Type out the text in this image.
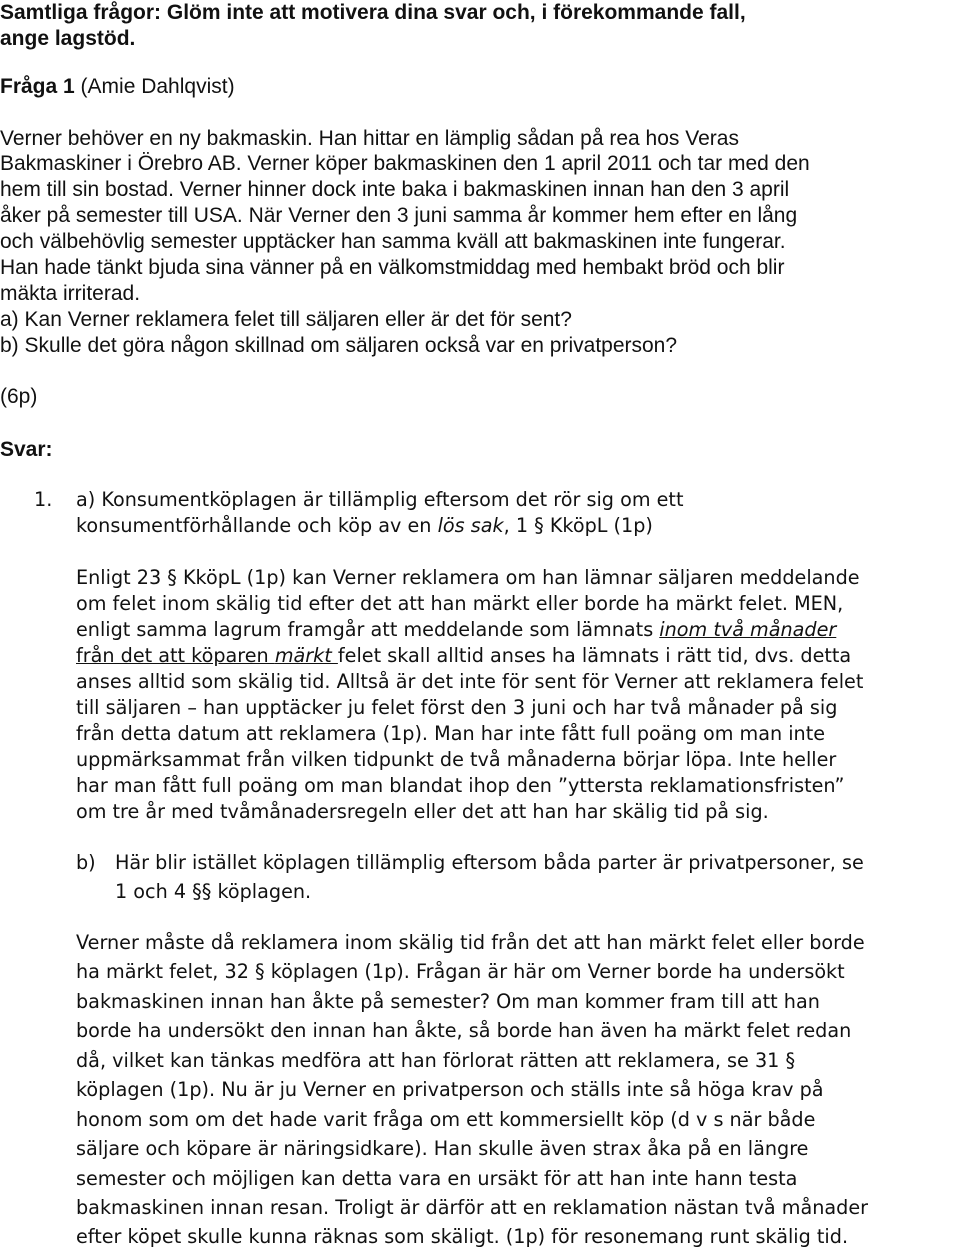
Samtliga frågor: Glöm inte att motivera dina svar och, i förekommande fall,
ange lagstöd.
Fråga 1 (Amie Dahlqvist)
Verner behöver en ny bakmaskin. Han hittar en lämplig sådan på rea hos Veras
Bakmaskiner i Örebro AB. Verner köper bakmaskinen den 1 april 2011 och tar med den
hem till sin bostad. Verner hinner dock inte baka i bakmaskinen innan han den 3 april
åker på semester till USA. När Verner den 3 juni samma år kommer hem efter en lång
och välbehövlig semester upptäcker han samma kväll att bakmaskinen inte fungerar.
Han hade tänkt bjuda sina vänner på en välkomstmiddag med hembakt bröd och blir
mäkta irriterad.
a) Kan Verner reklamera felet till säljaren eller är det för sent?
b) Skulle det göra någon skillnad om säljaren också var en privatperson?
(6p)
Svar:
1. a) Konsumentköplagen är tillämplig eftersom det rör sig om ett
konsumentförhållande och köp av en lös sak, 1 § KköpL (1p)
Enligt 23 § KköpL (1p) kan Verner reklamera om han lämnar säljaren meddelande
om felet inom skälig tid efter det att han märkt eller borde ha märkt felet. MEN,
enligt samma lagrum framgår att meddelande som lämnats inom två månader
från det att köparen märkt felet skall alltid anses ha lämnats i rätt tid, dvs. detta
anses alltid som skälig tid. Alltså är det inte för sent för Verner att reklamera felet
till säljaren – han upptäcker ju felet först den 3 juni och har två månader på sig
från detta datum att reklamera (1p). Man har inte fått full poäng om man inte
uppmärksammat från vilken tidpunkt de två månaderna börjar löpa. Inte heller
har man fått full poäng om man blandat ihop den ”yttersta reklamationsfristen”
om tre år med tvåmånadersregeln eller det att han har skälig tid på sig.
b) Här blir istället köplagen tillämplig eftersom båda parter är privatpersoner, se
1 och 4 §§ köplagen.
Verner måste då reklamera inom skälig tid från det att han märkt felet eller borde
ha märkt felet, 32 § köplagen (1p). Frågan är här om Verner borde ha undersökt
bakmaskinen innan han åkte på semester? Om man kommer fram till att han
borde ha undersökt den innan han åkte, så borde han även ha märkt felet redan
då, vilket kan tänkas medföra att han förlorat rätten att reklamera, se 31 §
köplagen (1p). Nu är ju Verner en privatperson och ställs inte så höga krav på
honom som om det hade varit fråga om ett kommersiellt köp (d v s när både
säljare och köpare är näringsidkare). Han skulle även strax åka på en längre
semester och möjligen kan detta vara en ursäkt för att han inte hann testa
bakmaskinen innan resan. Troligt är därför att en reklamation nästan två månader
efter köpet skulle kunna räknas som skäligt. (1p) för resonemang runt skälig tid.
